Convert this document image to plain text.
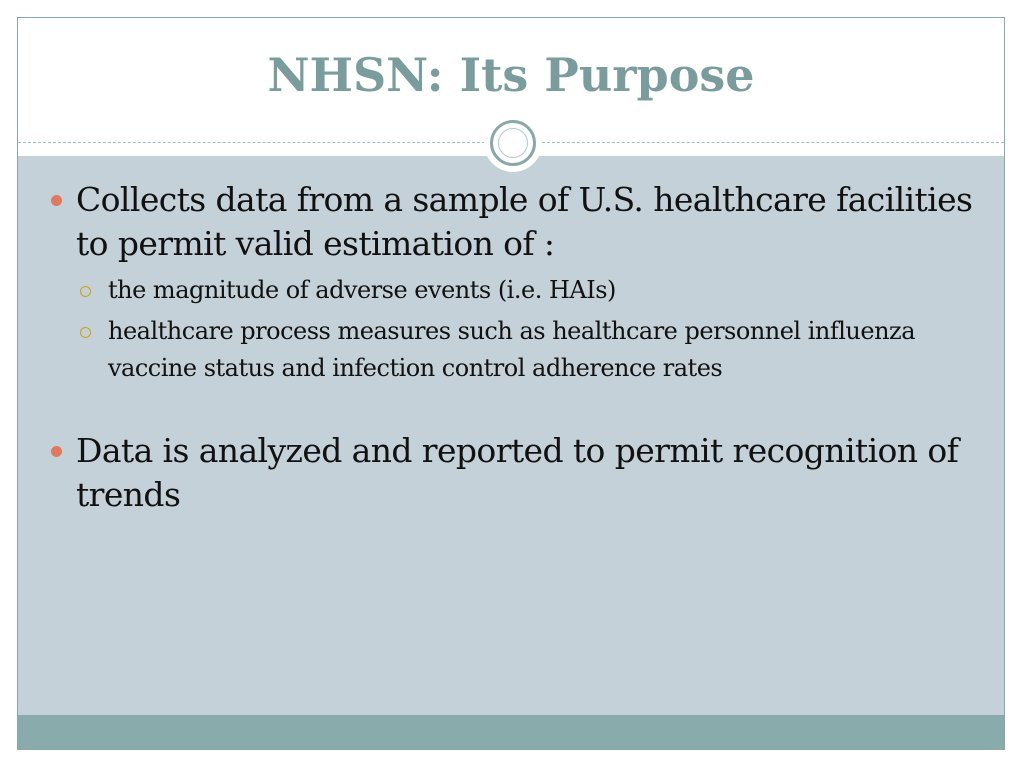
NHSN: Its Purpose
Collects data from a sample of U.S. healthcare facilities to permit valid estimation of :
the magnitude of adverse events (i.e. HAIs)
healthcare process measures such as healthcare personnel influenza vaccine status and infection control adherence rates
Data is analyzed and reported to permit recognition of trends
